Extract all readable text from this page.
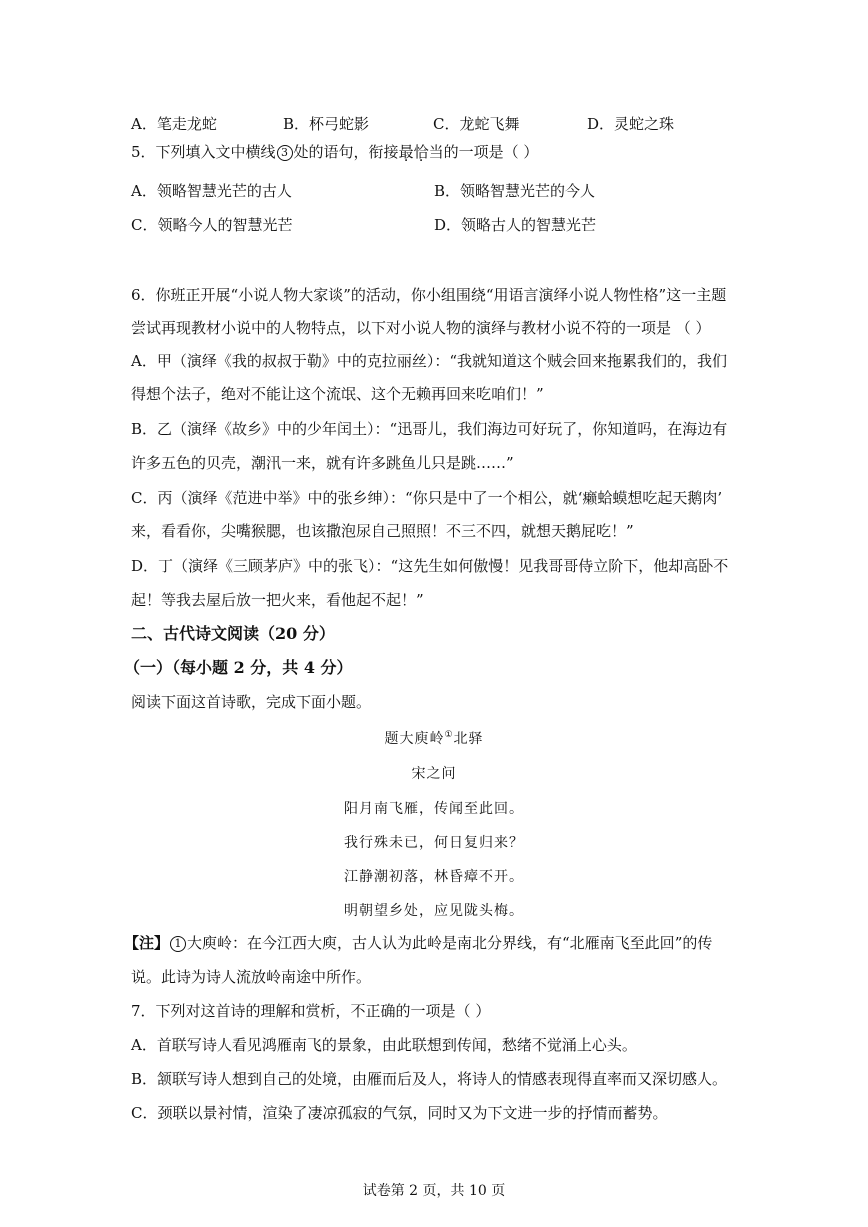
A．笔走龙蛇	B．杯弓蛇影	C．龙蛇飞舞	D．灵蛇之珠
5．下列填入文中横线 3 处的语句，衔接最恰当的一项是（ ）
A．领略智慧光芒的古人	B．领略智慧光芒的今人
C．领略今人的智慧光芒	D．领略古人的智慧光芒
6．你班正开展“小说人物大家谈”的活动，你小组围绕“用语言演绎小说人物性格”这一主题
尝试再现教材小说中的人物特点，以下对小说人物的演绎与教材小说不符的一项是 （ ）
A．甲（演绎《我的叔叔于勒》中的克拉丽丝）：“我就知道这个贼会回来拖累我们的，我们
得想个法子，绝对不能让这个流氓、这个无赖再回来吃咱们！”
B．乙（演绎《故乡》中的少年闰土）：“迅哥儿，我们海边可好玩了，你知道吗，在海边有
许多五色的贝壳，潮汛一来，就有许多跳鱼儿只是跳……”
C．丙（演绎《范进中举》中的张乡绅）：“你只是中了一个相公，就‘癞蛤蟆想吃起天鹅肉’
来，看看你，尖嘴猴腮，也该撒泡尿自己照照！不三不四，就想天鹅屁吃！”
D．丁（演绎《三顾茅庐》中的张飞）：“这先生如何傲慢！见我哥哥侍立阶下，他却高卧不
起！等我去屋后放一把火来，看他起不起！”
二、古代诗文阅读（20 分）
（一）（每小题 2 分，共 4 分）
阅读下面这首诗歌，完成下面小题。
题大庾岭①北驿
宋之问
阳月南飞雁，传闻至此回。
我行殊未已，何日复归来？
江静潮初落，林昏瘴不开。
明朝望乡处，应见陇头梅。
【注】 1 大庾岭：在今江西大庾，古人认为此岭是南北分界线，有“北雁南飞至此回”的传
说。此诗为诗人流放岭南途中所作。
7．下列对这首诗的理解和赏析，不正确的一项是（ ）
A．首联写诗人看见鸿雁南飞的景象，由此联想到传闻，愁绪不觉涌上心头。
B．颔联写诗人想到自己的处境，由雁而后及人，将诗人的情感表现得直率而又深切感人。
C．颈联以景衬情，渲染了凄凉孤寂的气氛，同时又为下文进一步的抒情而蓄势。
试卷第 2 页，共 10 页
